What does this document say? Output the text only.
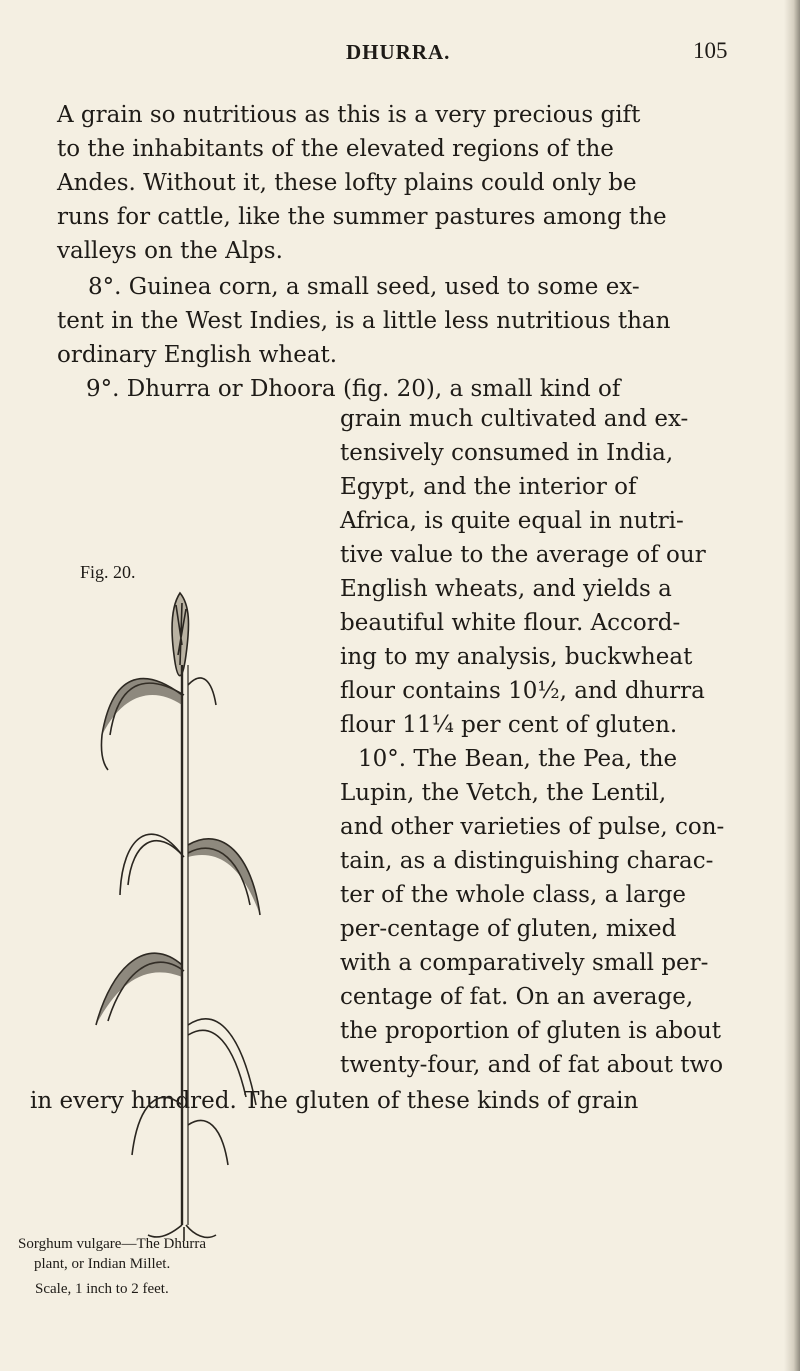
DHURRA.	105
A grain so nutritious as this is a very precious gift
to the inhabitants of the elevated regions of the
Andes. Without it, these lofty plains could only be
runs for cattle, like the summer pastures among the
valleys on the Alps.
8°. Guinea corn, a small seed, used to some ex-
tent in the West Indies, is a little less nutritious than
ordinary English wheat.
9°. Dhurra or Dhoora (fig. 20), a small kind of
Fig. 20.
grain much cultivated and ex-
tensively consumed in India,
Egypt, and the interior of
Africa, is quite equal in nutri-
tive value to the average of our
English wheats, and yields a
beautiful white flour. Accord-
ing to my analysis, buckwheat
flour contains 10½, and dhurra
flour 11¼ per cent of gluten.
10°. The Bean, the Pea, the
Lupin, the Vetch, the Lentil,
and other varieties of pulse, con-
tain, as a distinguishing charac-
ter of the whole class, a large
per-centage of gluten, mixed
with a comparatively small per-
centage of fat. On an average,
the proportion of gluten is about
twenty-four, and of fat about two
in every hundred. The gluten of these kinds of grain
Sorghum vulgare—The Dhurra
plant, or Indian Millet.
Scale, 1 inch to 2 feet.
